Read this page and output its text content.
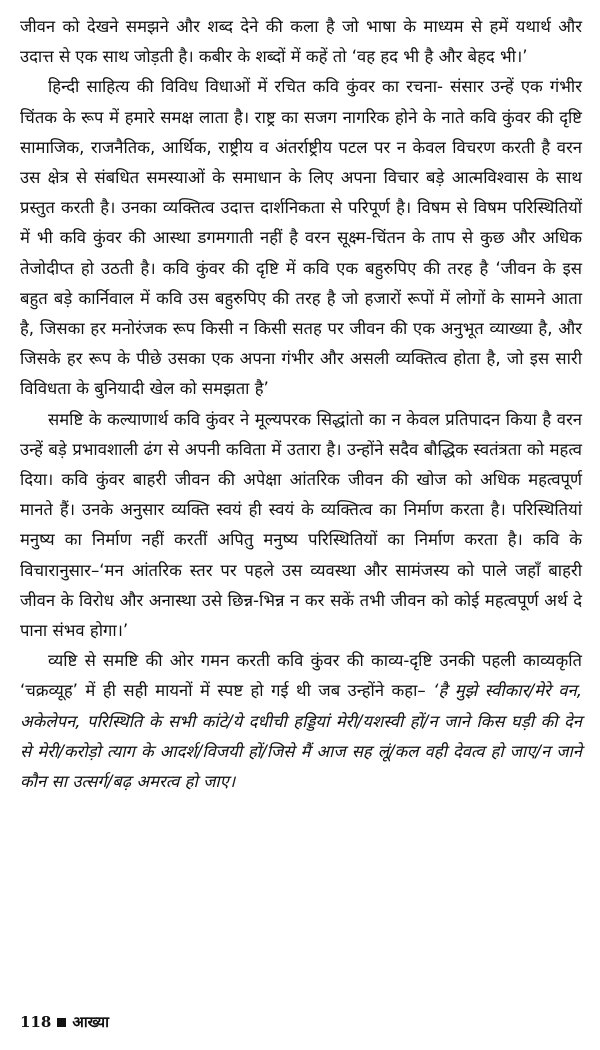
जीवन को देखने समझने और शब्द देने की कला है जो भाषा के माध्यम से हमें यथार्थ और उदात्त से एक साथ जोड़ती है। कबीर के शब्दों में कहें तो ‘वह हद भी है और बेहद भी।’

हिन्दी साहित्य की विविध विधाओं में रचित कवि कुंवर का रचना- संसार उन्हें एक गंभीर चिंतक के रूप में हमारे समक्ष लाता है। राष्ट्र का सजग नागरिक होने के नाते कवि कुंवर की दृष्टि सामाजिक, राजनैतिक, आर्थिक, राष्ट्रीय व अंतर्राष्ट्रीय पटल पर न केवल विचरण करती है वरन उस क्षेत्र से संबधित समस्याओं के समाधान के लिए अपना विचार बड़े आत्मविश्वास के साथ प्रस्तुत करती है। उनका व्यक्तित्व उदात्त दार्शनिकता से परिपूर्ण है। विषम से विषम परिस्थितियों में भी कवि कुंवर की आस्था डगमगाती नहीं है वरन सूक्ष्म-चिंतन के ताप से कुछ और अधिक तेजोदीप्त हो उठती है। कवि कुंवर की दृष्टि में कवि एक बहुरुपिए की तरह है ‘जीवन के इस बहुत बड़े कार्निवाल में कवि उस बहुरुपिए की तरह है जो हजारों रूपों में लोगों के सामने आता है, जिसका हर मनोरंजक रूप किसी न किसी सतह पर जीवन की एक अनुभूत व्याख्या है, और जिसके हर रूप के पीछे उसका एक अपना गंभीर और असली व्यक्तित्व होता है, जो इस सारी विविधता के बुनियादी खेल को समझता है’

समष्टि के कल्याणार्थ कवि कुंवर ने मूल्यपरक सिद्धांतो का न केवल प्रतिपादन किया है वरन उन्हें बड़े प्रभावशाली ढंग से अपनी कविता में उतारा है। उन्होंने सदैव बौद्धिक स्वतंत्रता को महत्व दिया। कवि कुंवर बाहरी जीवन की अपेक्षा आंतरिक जीवन की खोज को अधिक महत्वपूर्ण मानते हैं। उनके अनुसार व्यक्ति स्वयं ही स्वयं के व्यक्तित्व का निर्माण करता है। परिस्थितियां मनुष्य का निर्माण नहीं करतीं अपितु मनुष्य परिस्थितियों का निर्माण करता है। कवि के विचारानुसार–‘मन आंतरिक स्तर पर पहले उस व्यवस्था और सामंजस्य को पाले जहाँ बाहरी जीवन के विरोध और अनास्था उसे छिन्न-भिन्न न कर सकें तभी जीवन को कोई महत्वपूर्ण अर्थ दे पाना संभव होगा।’

व्यष्टि से समष्टि की ओर गमन करती कवि कुंवर की काव्य-दृष्टि उनकी पहली काव्यकृति ‘चक्रव्यूह’ में ही सही मायनों में स्पष्ट हो गई थी जब उन्होंने कहा– ‘है मुझे स्वीकार/मेरे वन, अकेलेपन, परिस्थिति के सभी कांटे/ये दधीची हड्डियां मेरी/यशस्वी हों/न जाने किस घड़ी की देन से मेरी/करोड़ो त्याग के आदर्श/विजयी हों/जिसे मैं आज सह लूं/कल वही देवत्व हो जाए/न जाने कौन सा उत्सर्ग/बढ़ अमरत्व हो जाए।

118 आख्या
